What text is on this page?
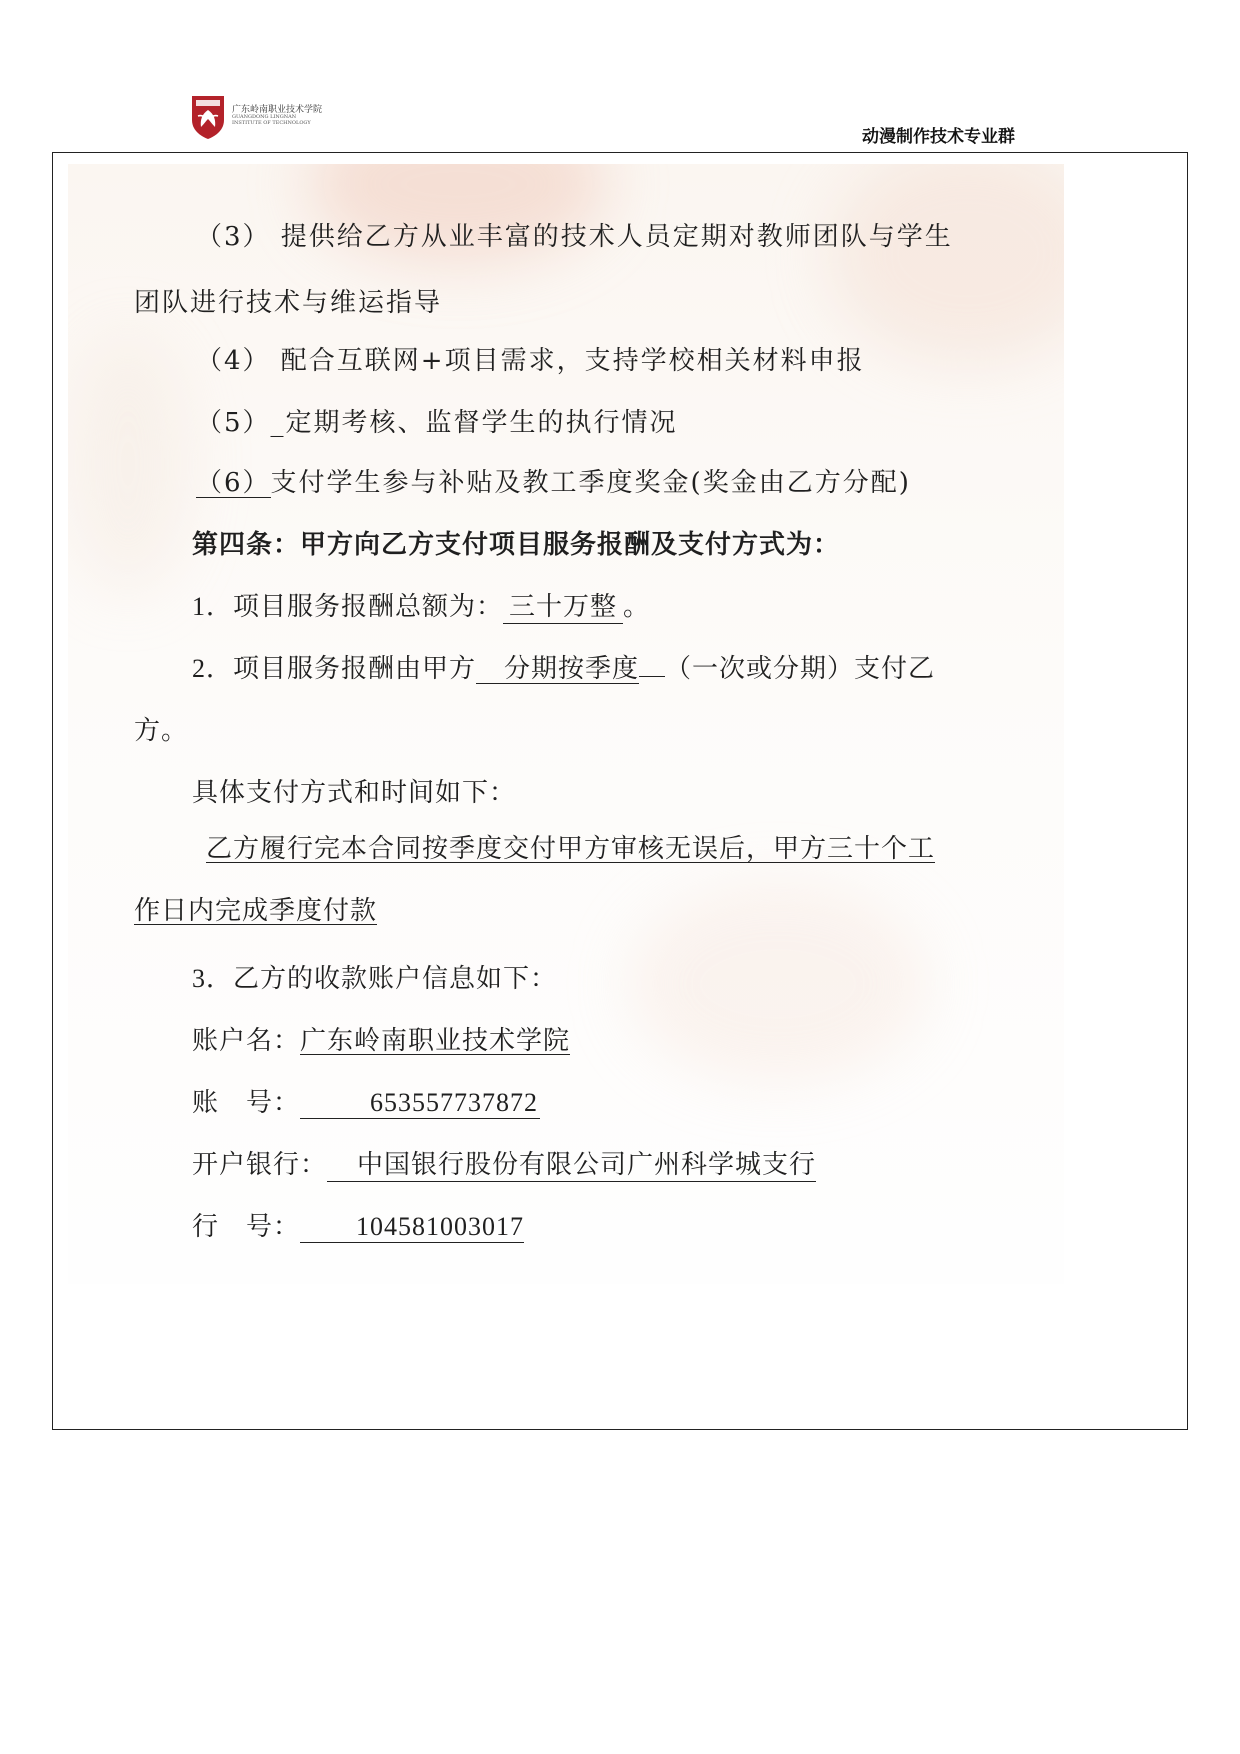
广东岭南职业技术学院
GUANGDONG LINGNAN
INSTITUTE OF TECHNOLOGY
动漫制作技术专业群
（3） 提供给乙方从业丰富的技术人员定期对教师团队与学生
团队进行技术与维运指导
（4） 配合互联网+项目需求，支持学校相关材料申报
（5）_定期考核、监督学生的执行情况
（6）支付学生参与补贴及教工季度奖金(奖金由乙方分配)
第四条：甲方向乙方支付项目服务报酬及支付方式为：
1．项目服务报酬总额为： 三十万整 。
2．项目服务报酬由甲方 分期按季度 （一次或分期）支付乙
方。
具体支付方式和时间如下：
乙方履行完本合同按季度交付甲方审核无误后，甲方三十个工
作日内完成季度付款
3．乙方的收款账户信息如下：
账户名：广东岭南职业技术学院
账　号：	653557737872
开户银行： 中国银行股份有限公司广州科学城支行
行　号： 104581003017
